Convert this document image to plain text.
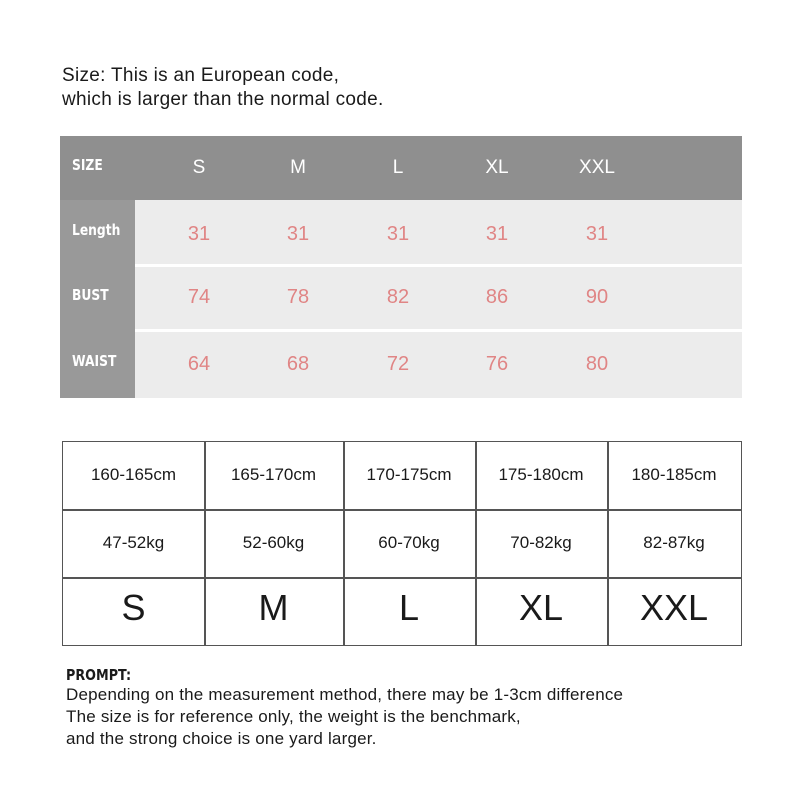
Size: This is an European code,
which is larger than the normal code.
SIZE	S	M	L	XL	XXL
Length	31	31	31	31	31
BUST	74	78	82	86	90
WAIST	64	68	72	76	80
160-165cm	165-170cm	170-175cm	175-180cm	180-185cm
47-52kg	52-60kg	60-70kg	70-82kg	82-87kg
S	M	L	XL	XXL
PROMPT:
Depending on the measurement method, there may be 1-3cm difference
The size is for reference only, the weight is the benchmark,
and the strong choice is one yard larger.
